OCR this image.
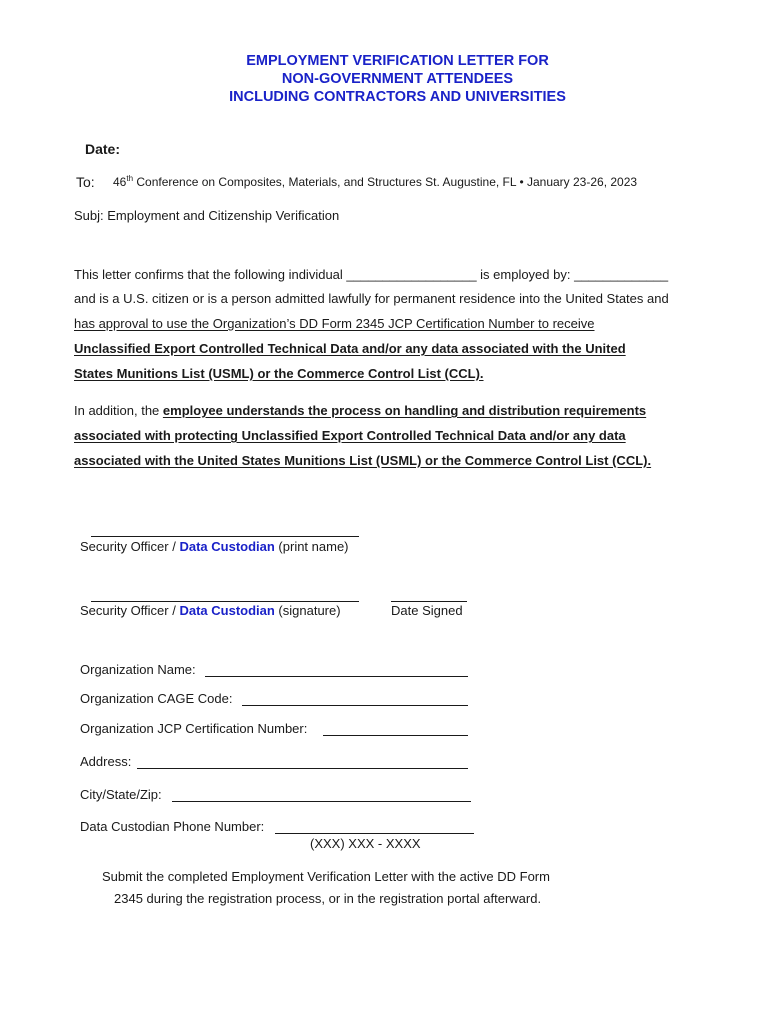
EMPLOYMENT VERIFICATION LETTER FOR
NON-GOVERNMENT ATTENDEES
INCLUDING CONTRACTORS AND UNIVERSITIES
Date:
To: 46th Conference on Composites, Materials, and Structures St. Augustine, FL • January 23-26, 2023
Subj: Employment and Citizenship Verification
This letter confirms that the following individual __________________ is employed by: _____________
and is a U.S. citizen or is a person admitted lawfully for permanent residence into the United States and
has approval to use the Organization’s DD Form 2345 JCP Certification Number to receive
Unclassified Export Controlled Technical Data and/or any data associated with the United
States Munitions List (USML) or the Commerce Control List (CCL).
In addition, the employee understands the process on handling and distribution requirements
associated with protecting Unclassified Export Controlled Technical Data and/or any data
associated with the United States Munitions List (USML) or the Commerce Control List (CCL).
Security Officer / Data Custodian (print name)
Security Officer / Data Custodian (signature)	Date Signed
Organization Name:
Organization CAGE Code:
Organization JCP Certification Number:
Address:
City/State/Zip:
Data Custodian Phone Number:
(XXX) XXX - XXXX
Submit the completed Employment Verification Letter with the active DD Form
2345 during the registration process, or in the registration portal afterward.
